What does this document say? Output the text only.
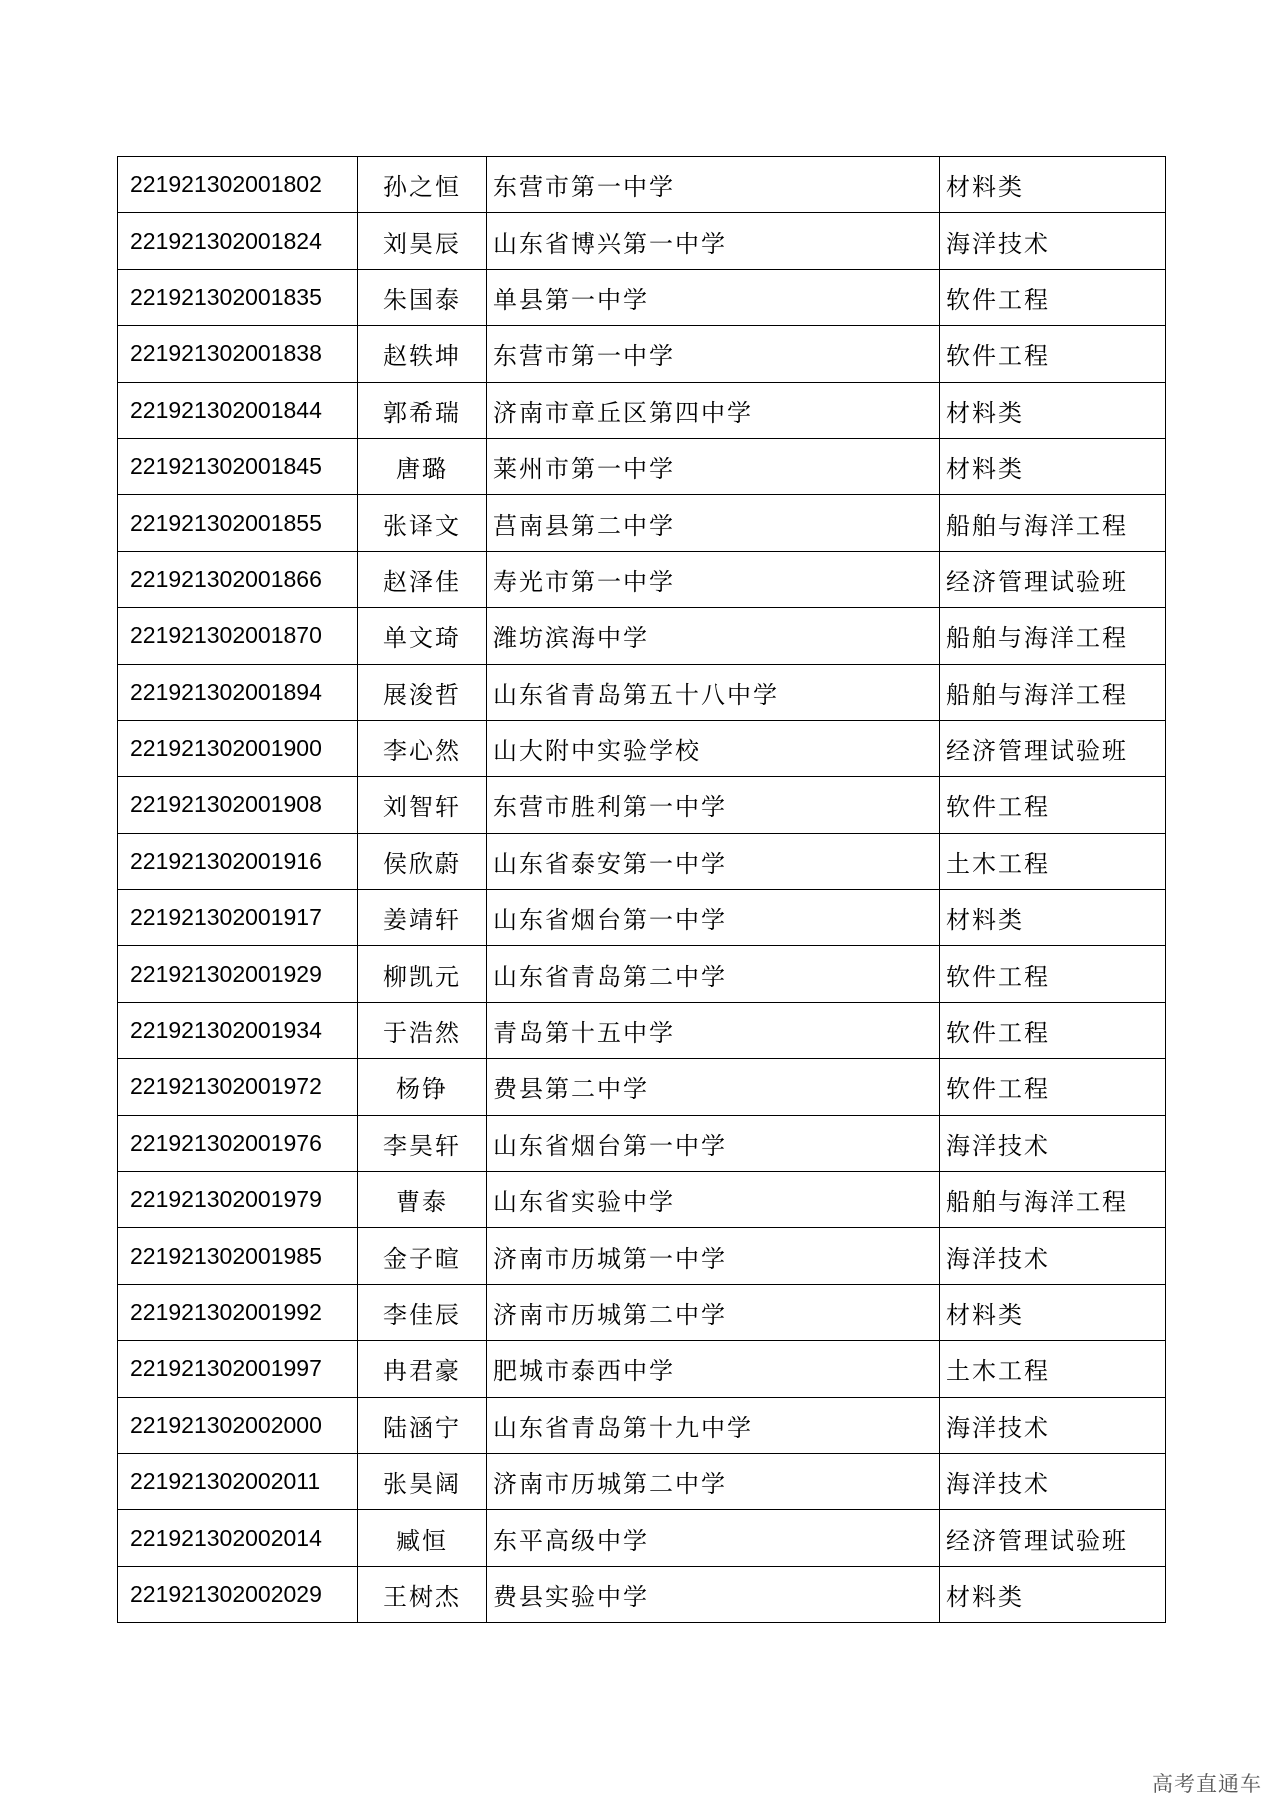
221921302001802	孙之恒	东营市第一中学	材料类
221921302001824	刘昊辰	山东省博兴第一中学	海洋技术
221921302001835	朱国泰	单县第一中学	软件工程
221921302001838	赵轶坤	东营市第一中学	软件工程
221921302001844	郭希瑞	济南市章丘区第四中学	材料类
221921302001845	唐璐	莱州市第一中学	材料类
221921302001855	张译文	莒南县第二中学	船舶与海洋工程
221921302001866	赵泽佳	寿光市第一中学	经济管理试验班
221921302001870	单文琦	潍坊滨海中学	船舶与海洋工程
221921302001894	展浚哲	山东省青岛第五十八中学	船舶与海洋工程
221921302001900	李心然	山大附中实验学校	经济管理试验班
221921302001908	刘智轩	东营市胜利第一中学	软件工程
221921302001916	侯欣蔚	山东省泰安第一中学	土木工程
221921302001917	姜靖轩	山东省烟台第一中学	材料类
221921302001929	柳凯元	山东省青岛第二中学	软件工程
221921302001934	于浩然	青岛第十五中学	软件工程
221921302001972	杨铮	费县第二中学	软件工程
221921302001976	李昊轩	山东省烟台第一中学	海洋技术
221921302001979	曹泰	山东省实验中学	船舶与海洋工程
221921302001985	金子暄	济南市历城第一中学	海洋技术
221921302001992	李佳辰	济南市历城第二中学	材料类
221921302001997	冉君豪	肥城市泰西中学	土木工程
221921302002000	陆涵宁	山东省青岛第十九中学	海洋技术
221921302002011	张昊阔	济南市历城第二中学	海洋技术
221921302002014	臧恒	东平高级中学	经济管理试验班
221921302002029	王树杰	费县实验中学	材料类
高考直通车
